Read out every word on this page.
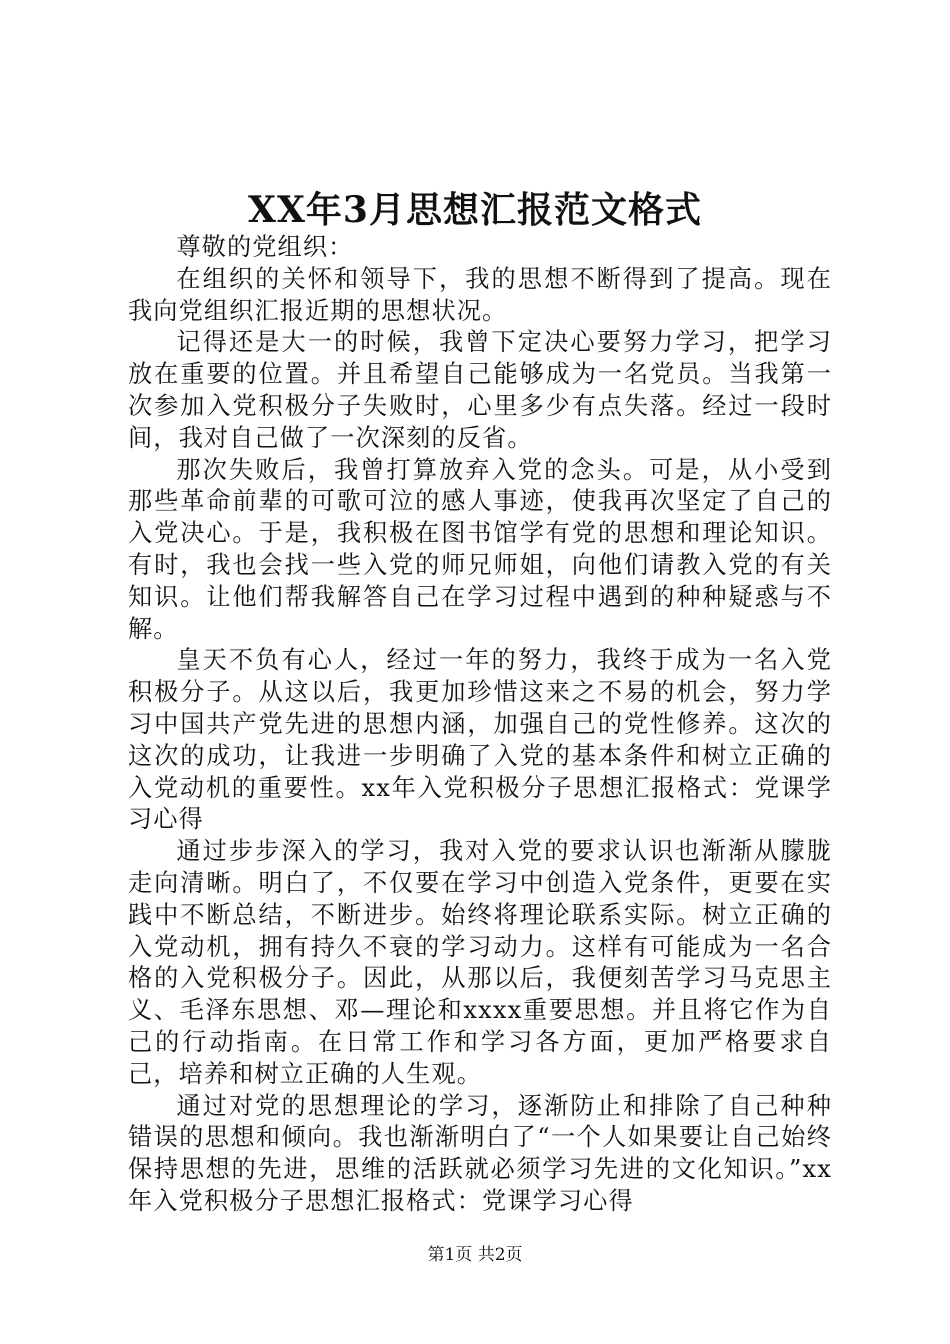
XX年3月思想汇报范文格式

尊敬的党组织：

在组织的关怀和领导下，我的思想不断得到了提高。现在我向党组织汇报近期的思想状况。

记得还是大一的时候，我曾下定决心要努力学习，把学习放在重要的位置。并且希望自己能够成为一名党员。当我第一次参加入党积极分子失败时，心里多少有点失落。经过一段时间，我对自己做了一次深刻的反省。

那次失败后，我曾打算放弃入党的念头。可是，从小受到那些革命前辈的可歌可泣的感人事迹，使我再次坚定了自己的入党决心。于是，我积极在图书馆学有党的思想和理论知识。有时，我也会找一些入党的师兄师姐，向他们请教入党的有关知识。让他们帮我解答自己在学习过程中遇到的种种疑惑与不解。

皇天不负有心人，经过一年的努力，我终于成为一名入党积极分子。从这以后，我更加珍惜这来之不易的机会，努力学习中国共产党先进的思想内涵，加强自己的党性修养。这次的这次的成功，让我进一步明确了入党的基本条件和树立正确的入党动机的重要性。xx年入党积极分子思想汇报格式：党课学习心得

通过步步深入的学习，我对入党的要求认识也渐渐从朦胧走向清晰。明白了，不仅要在学习中创造入党条件，更要在实践中不断总结，不断进步。始终将理论联系实际。树立正确的入党动机，拥有持久不衰的学习动力。这样有可能成为一名合格的入党积极分子。因此，从那以后，我便刻苦学习马克思主义、毛泽东思想、邓—理论和xxxx重要思想。并且将它作为自己的行动指南。在日常工作和学习各方面，更加严格要求自己，培养和树立正确的人生观。

通过对党的思想理论的学习，逐渐防止和排除了自己种种错误的思想和倾向。我也渐渐明白了“一个人如果要让自己始终保持思想的先进，思维的活跃就必须学习先进的文化知识。”xx年入党积极分子思想汇报格式：党课学习心得

第1页 共2页
